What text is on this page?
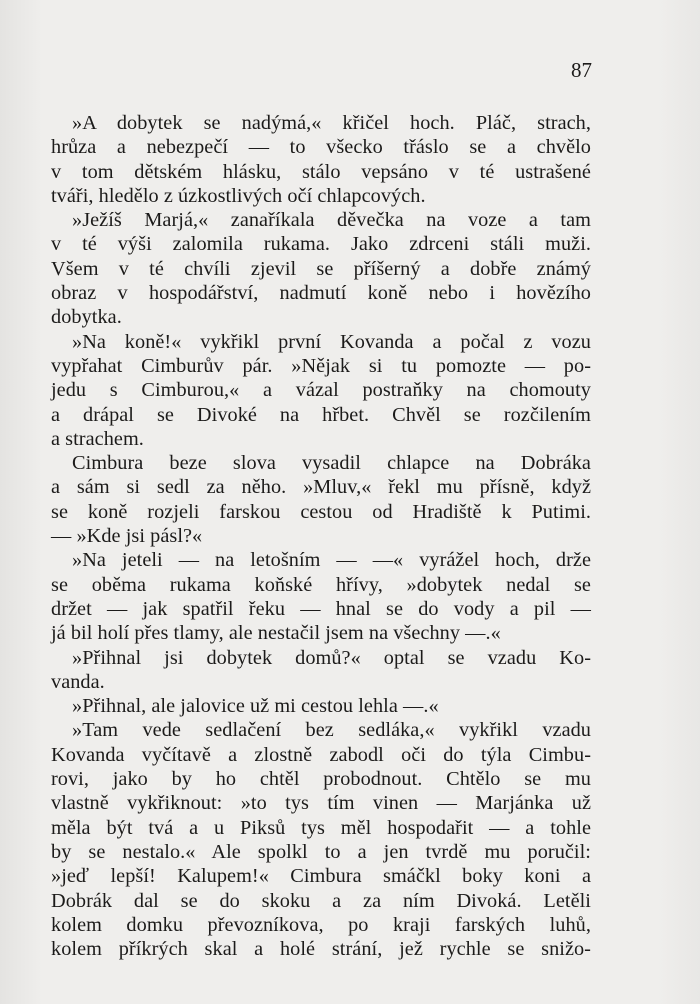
87
»A dobytek se nadýmá,« křičel hoch. Pláč, strach,
hrůza a nebezpečí — to všecko třáslo se a chvělo
v tom dětském hlásku, stálo vepsáno v té ustrašené
tváři, hledělo z úzkostlivých očí chlapcových.
»Ježíš Marjá,« zanaříkala děvečka na voze a tam
v té výši zalomila rukama. Jako zdrceni stáli muži.
Všem v té chvíli zjevil se příšerný a dobře známý
obraz v hospodářství, nadmutí koně nebo i hovězího
dobytka.
»Na koně!« vykřikl první Kovanda a počal z vozu
vypřahat Cimburův pár. »Nějak si tu pomozte — po-
jedu s Cimburou,« a vázal postraňky na chomouty
a drápal se Divoké na hřbet. Chvěl se rozčilením
a strachem.
Cimbura beze slova vysadil chlapce na Dobráka
a sám si sedl za něho. »Mluv,« řekl mu přísně, když
se koně rozjeli farskou cestou od Hradiště k Putimi.
— »Kde jsi pásl?«
»Na jeteli — na letošním — —« vyrážel hoch, drže
se oběma rukama koňské hřívy, »dobytek nedal se
držet — jak spatřil řeku — hnal se do vody a pil —
já bil holí přes tlamy, ale nestačil jsem na všechny —.«
»Přihnal jsi dobytek domů?« optal se vzadu Ko-
vanda.
»Přihnal, ale jalovice už mi cestou lehla —.«
»Tam vede sedlačení bez sedláka,« vykřikl vzadu
Kovanda vyčítavě a zlostně zabodl oči do týla Cimbu-
rovi, jako by ho chtěl probodnout. Chtělo se mu
vlastně vykřiknout: »to tys tím vinen — Marjánka už
měla být tvá a u Piksů tys měl hospodařit — a tohle
by se nestalo.« Ale spolkl to a jen tvrdě mu poručil:
»jeď lepší! Kalupem!« Cimbura smáčkl boky koni a
Dobrák dal se do skoku a za ním Divoká. Letěli
kolem domku převozníkova, po kraji farských luhů,
kolem příkrých skal a holé strání, jež rychle se snižo-
